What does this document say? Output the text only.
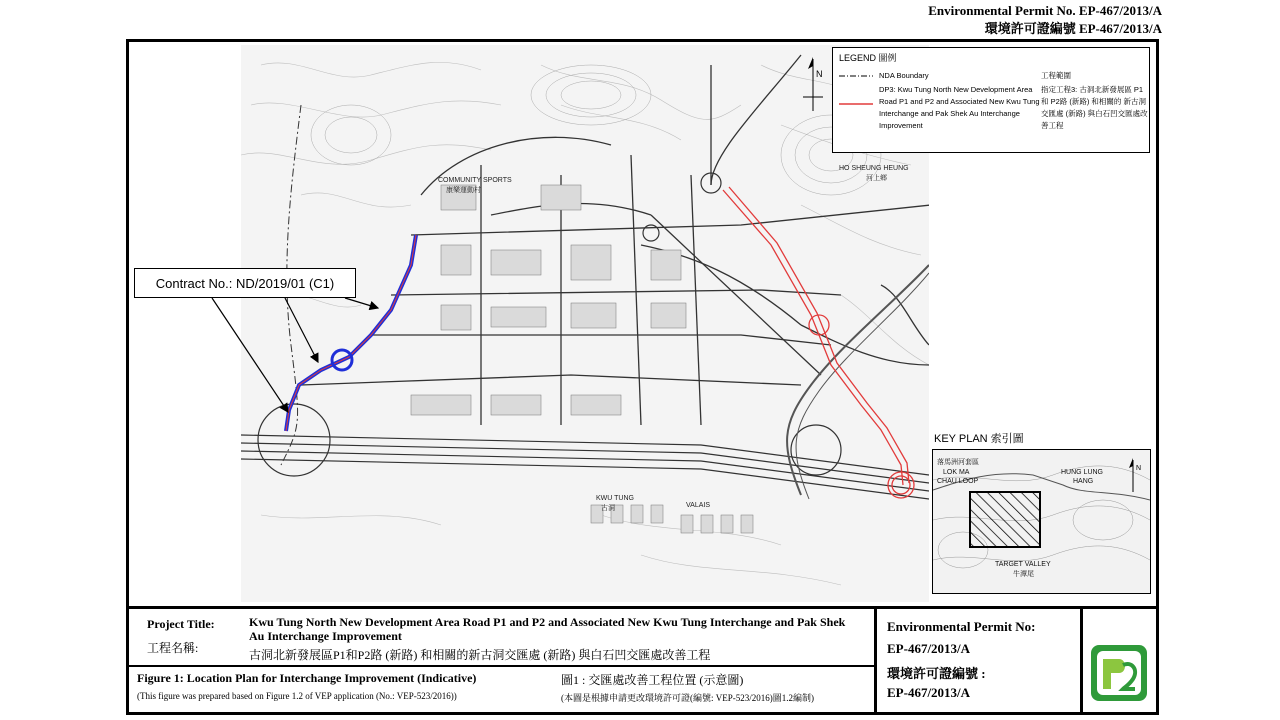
Environmental Permit No. EP-467/2013/A
環境許可證編號 EP-467/2013/A
COMMUNITY SPORTS
康樂運動村
HO SHEUNG HEUNG
河上鄉
KWU TUNG
古洞	VALAIS
N
LEGEND 圖例
NDA Boundary	工程範圍
DP3: Kwu Tung North New Development Area Road P1 and P2 and Associated New Kwu Tung Interchange and Pak Shek Au Interchange Improvement
指定工程3: 古洞北新發展區 P1 和 P2路 (新路) 和相關的 新古洞交匯處 (新路) 與白石凹交匯處改善工程
KEY PLAN 索引圖
落馬洲河套區
LOK MA
CHAU LOOP
HUNG LUNG
HANG
TARGET VALLEY
牛潭尾
N
Contract No.: ND/2019/01 (C1)
Project Title:
工程名稱:
Kwu Tung North New Development Area Road P1 and P2 and Associated New Kwu Tung Interchange and Pak Shek Au Interchange Improvement
古洞北新發展區P1和P2路 (新路) 和相關的新古洞交匯處 (新路) 與白石凹交匯處改善工程
Figure 1: Location Plan for Interchange Improvement (Indicative)
(This figure was prepared based on Figure 1.2 of VEP application (No.: VEP-523/2016))
圖1 : 交匯處改善工程位置 (示意圖)
(本圖是根據申請更改環境許可證(編號: VEP-523/2016)圖1.2編制)
Environmental Permit No:
EP-467/2013/A
環境許可證編號 :
EP-467/2013/A
